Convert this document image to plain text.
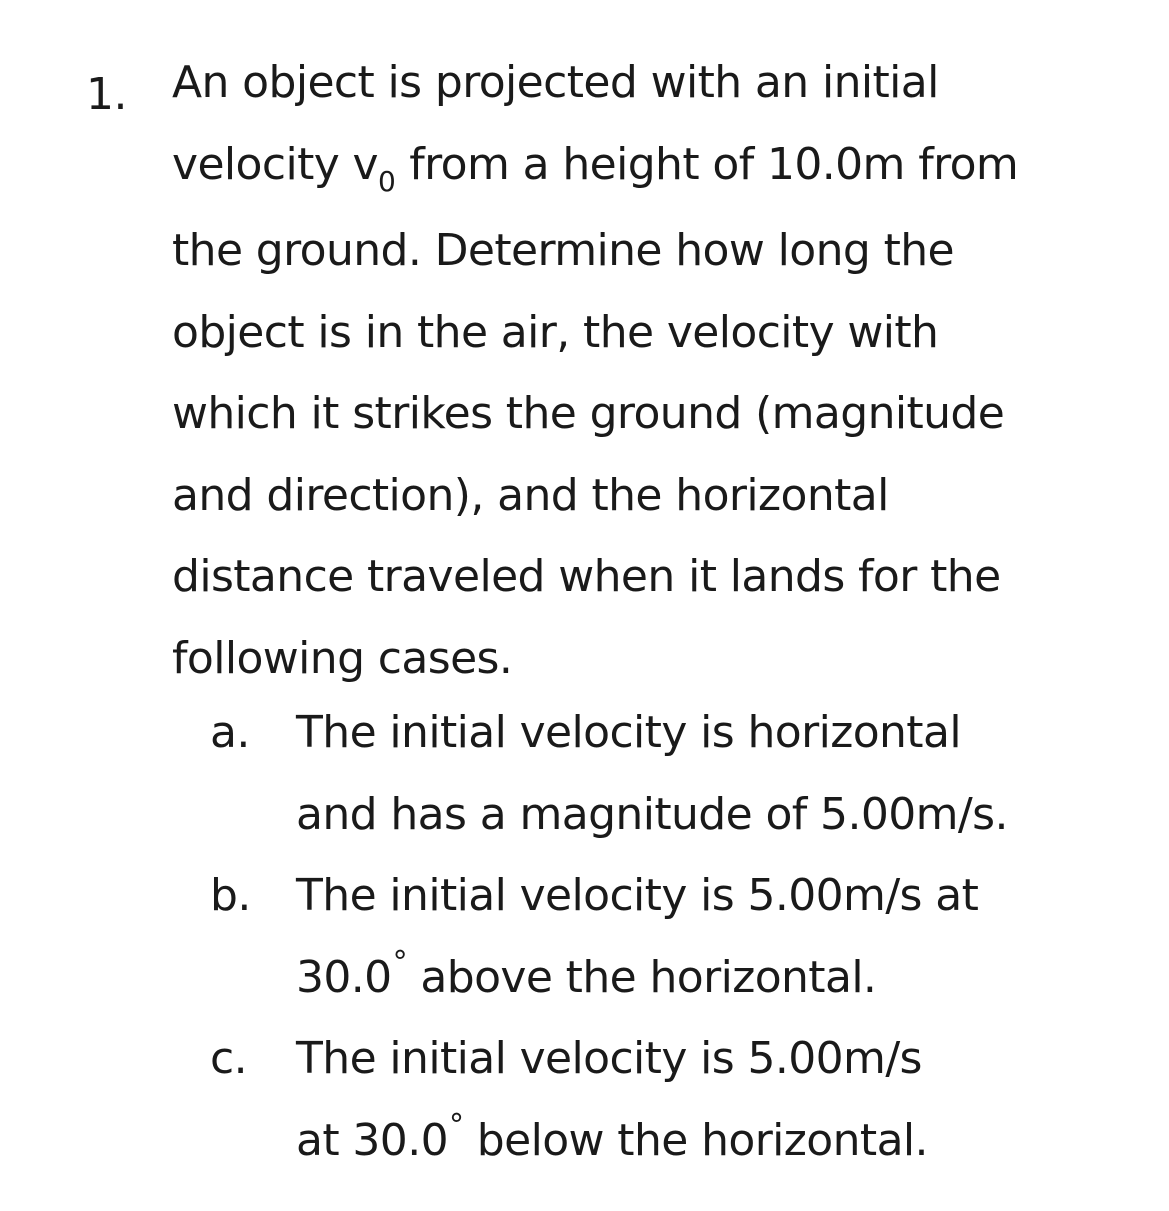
1. An object is projected with an initial
velocity $v_0$ from a height of 10.0m from
the ground. Determine how long the
object is in the air, the velocity with
which it strikes the ground (magnitude
and direction), and the horizontal
distance traveled when it lands for the
following cases.
a. The initial velocity is horizontal
and has a magnitude of 5.00m/s.
b. The initial velocity is 5.00m/s at
30.0° above the horizontal.
c. The initial velocity is 5.00m/s
at 30.0° below the horizontal.
